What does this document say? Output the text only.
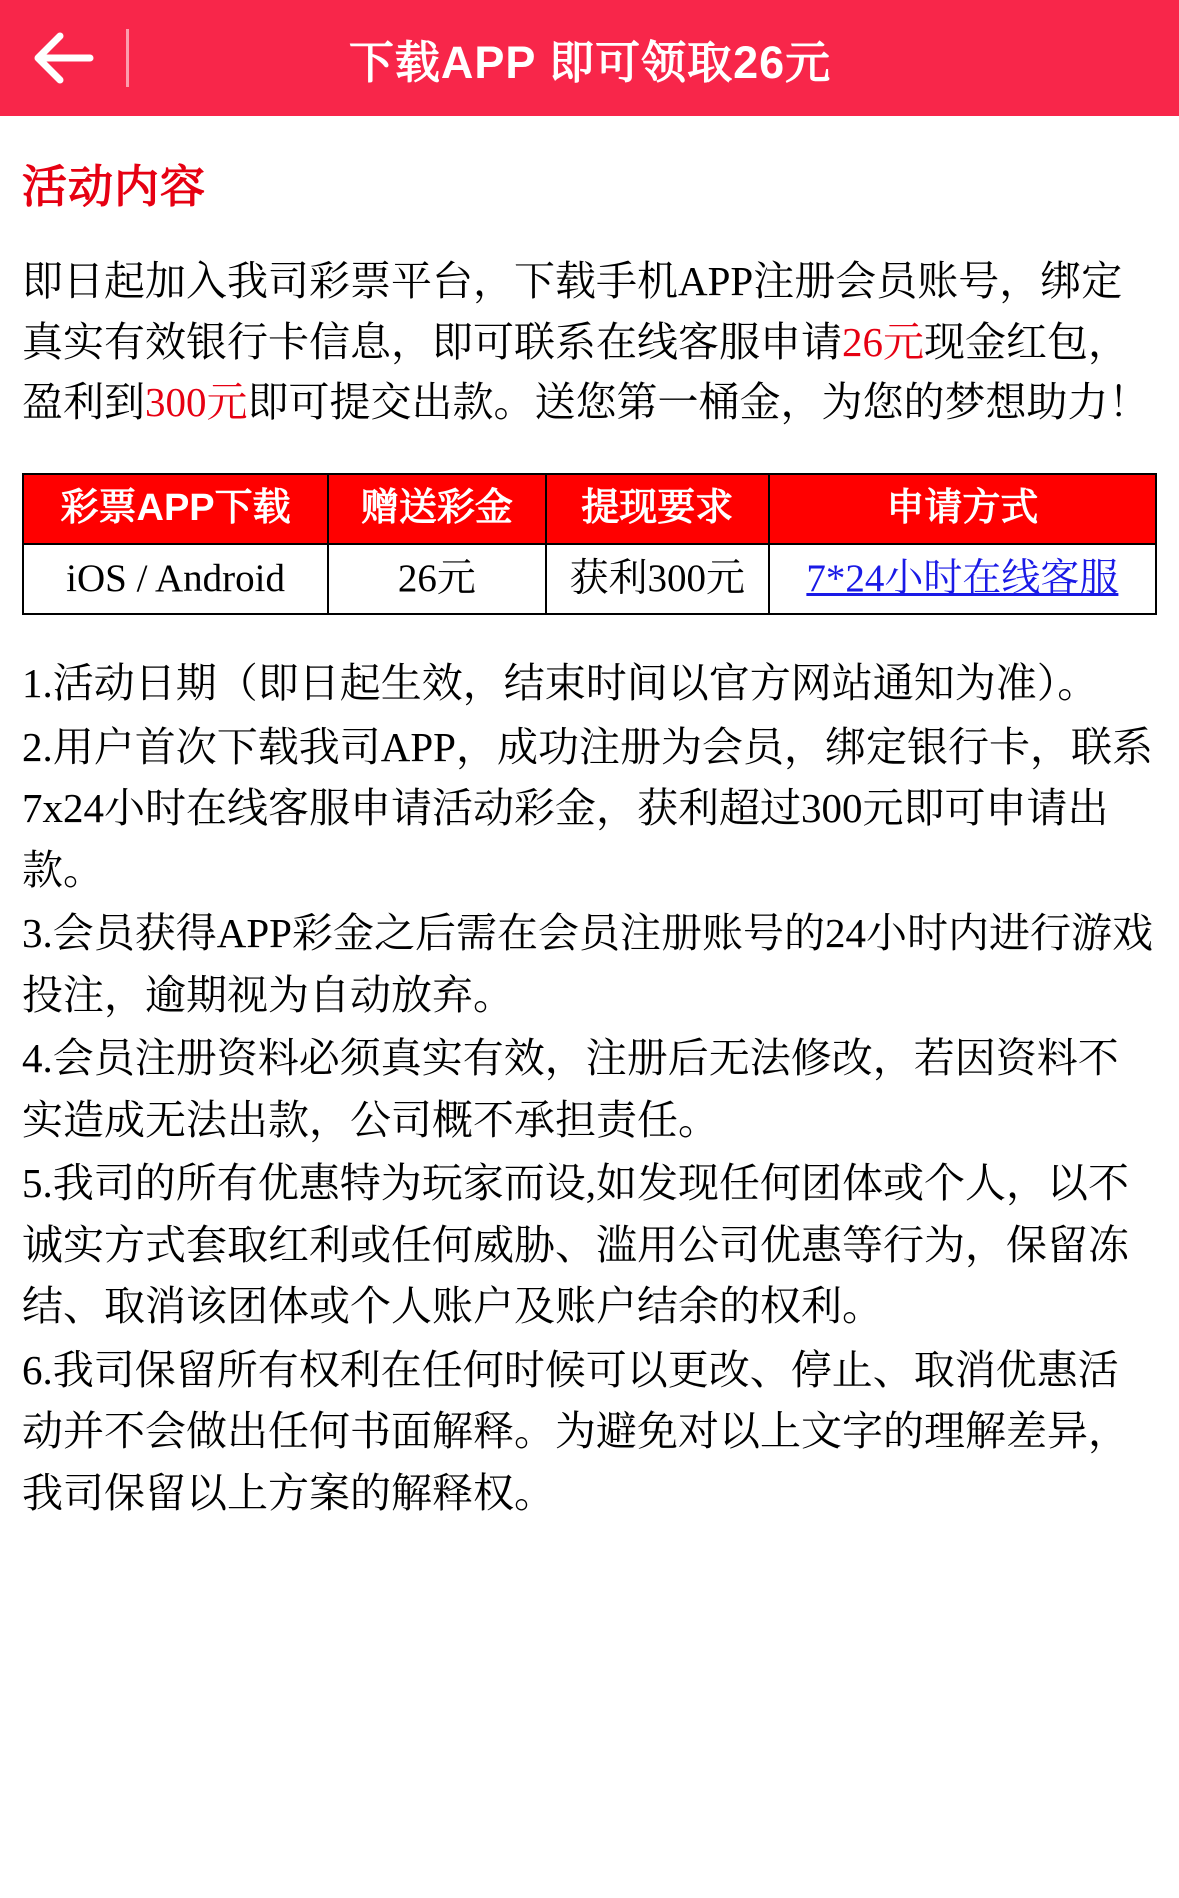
下载APP 即可领取26元
活动内容
即日起加入我司彩票平台，下载手机APP注册会员账号，绑定真实有效银行卡信息，即可联系在线客服申请26元现金红包，盈利到300元即可提交出款。送您第一桶金，为您的梦想助力！
彩票APP下载	赠送彩金	提现要求	申请方式
iOS / Android	26元	获利300元	7*24小时在线客服

1.活动日期（即日起生效，结束时间以官方网站通知为准）。

2.用户首次下载我司APP，成功注册为会员，绑定银行卡，联系7x24小时在线客服申请活动彩金，获利超过300元即可申请出款。

3.会员获得APP彩金之后需在会员注册账号的24小时内进行游戏投注，逾期视为自动放弃。

4.会员注册资料必须真实有效，注册后无法修改，若因资料不实造成无法出款，公司概不承担责任。

5.我司的所有优惠特为玩家而设,如发现任何团体或个人，以不诚实方式套取红利或任何威胁、滥用公司优惠等行为，保留冻结、取消该团体或个人账户及账户结余的权利。

6.我司保留所有权利在任何时候可以更改、停止、取消优惠活动并不会做出任何书面解释。为避免对以上文字的理解差异， 我司保留以上方案的解释权。
